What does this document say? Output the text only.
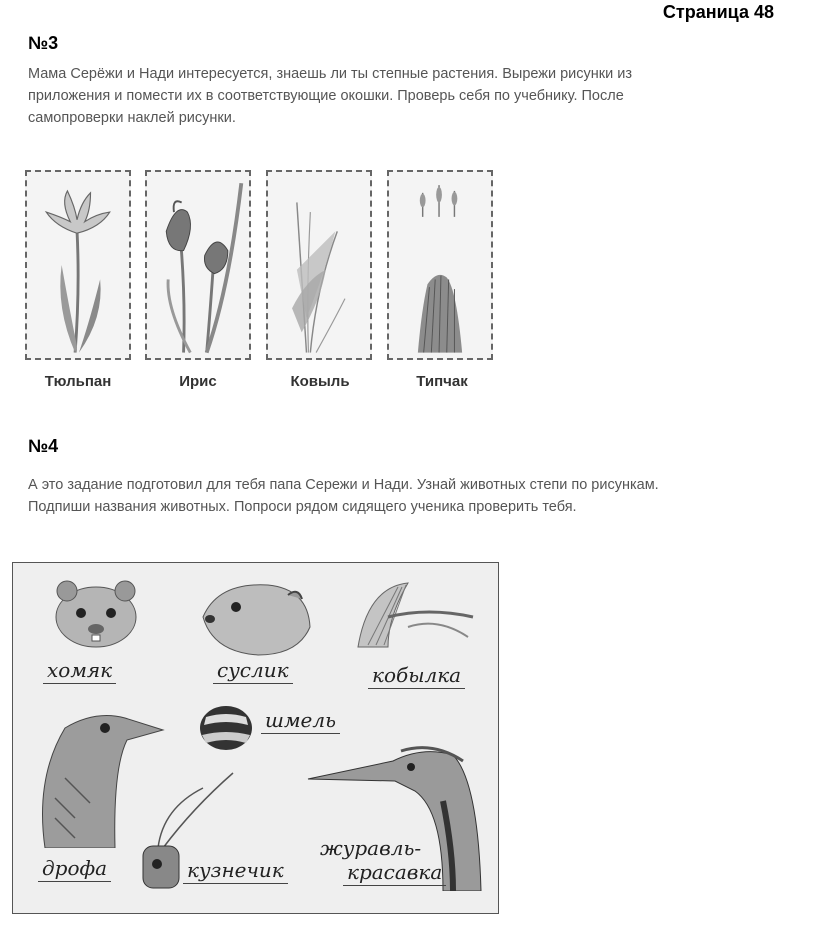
Страница 48
№3
Мама Серёжи и Нади интересуется, знаешь ли ты степные растения. Вырежи рисунки из
приложения и помести их в соответствующие окошки. Проверь себя по учебнику. После
самопроверки наклей рисунки.
Тюльпан	Ирис	Ковыль	Типчак
№4
А это задание подготовил для тебя папа Сережи и Нади. Узнай животных степи по рисункам.
Подпиши названия животных. Попроси рядом сидящего ученика проверить тебя.
хомяк	суслик	кобылка
дрофа
шмель
кузнечик
журавль-
красавка
